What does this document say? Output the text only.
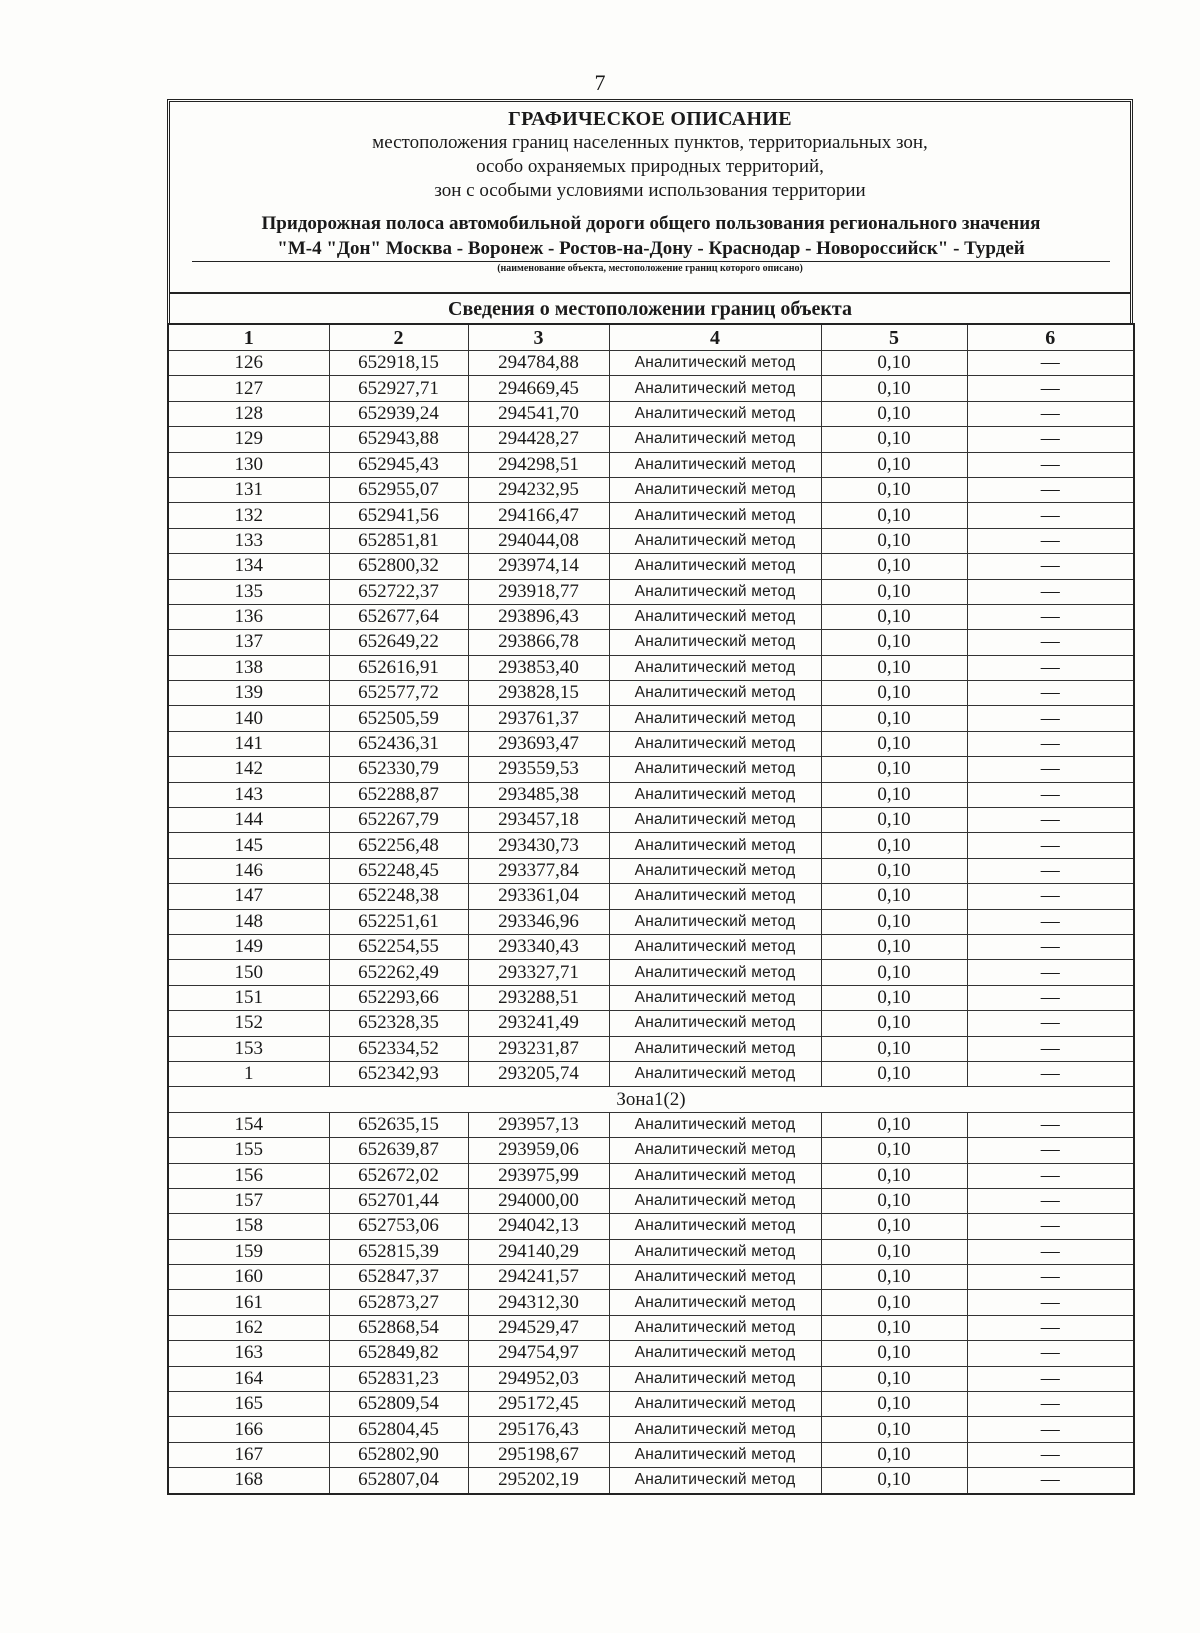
7
ГРАФИЧЕСКОЕ ОПИСАНИЕ
местоположения границ населенных пунктов, территориальных зон,
особо охраняемых природных территорий,
зон с особыми условиями использования территории
Придорожная полоса автомобильной дороги общего пользования регионального значения
"М-4 "Дон" Москва - Воронеж - Ростов-на-Дону - Краснодар - Новороссийск" - Турдей
(наименование объекта, местоположение границ которого описано)
Сведения о местоположении границ объекта
1	2	3	4	5	6
126	652918,15	294784,88	Аналитический метод	0,10	—
127	652927,71	294669,45	Аналитический метод	0,10	—
128	652939,24	294541,70	Аналитический метод	0,10	—
129	652943,88	294428,27	Аналитический метод	0,10	—
130	652945,43	294298,51	Аналитический метод	0,10	—
131	652955,07	294232,95	Аналитический метод	0,10	—
132	652941,56	294166,47	Аналитический метод	0,10	—
133	652851,81	294044,08	Аналитический метод	0,10	—
134	652800,32	293974,14	Аналитический метод	0,10	—
135	652722,37	293918,77	Аналитический метод	0,10	—
136	652677,64	293896,43	Аналитический метод	0,10	—
137	652649,22	293866,78	Аналитический метод	0,10	—
138	652616,91	293853,40	Аналитический метод	0,10	—
139	652577,72	293828,15	Аналитический метод	0,10	—
140	652505,59	293761,37	Аналитический метод	0,10	—
141	652436,31	293693,47	Аналитический метод	0,10	—
142	652330,79	293559,53	Аналитический метод	0,10	—
143	652288,87	293485,38	Аналитический метод	0,10	—
144	652267,79	293457,18	Аналитический метод	0,10	—
145	652256,48	293430,73	Аналитический метод	0,10	—
146	652248,45	293377,84	Аналитический метод	0,10	—
147	652248,38	293361,04	Аналитический метод	0,10	—
148	652251,61	293346,96	Аналитический метод	0,10	—
149	652254,55	293340,43	Аналитический метод	0,10	—
150	652262,49	293327,71	Аналитический метод	0,10	—
151	652293,66	293288,51	Аналитический метод	0,10	—
152	652328,35	293241,49	Аналитический метод	0,10	—
153	652334,52	293231,87	Аналитический метод	0,10	—
1	652342,93	293205,74	Аналитический метод	0,10	—
Зона1(2)					
154	652635,15	293957,13	Аналитический метод	0,10	—
155	652639,87	293959,06	Аналитический метод	0,10	—
156	652672,02	293975,99	Аналитический метод	0,10	—
157	652701,44	294000,00	Аналитический метод	0,10	—
158	652753,06	294042,13	Аналитический метод	0,10	—
159	652815,39	294140,29	Аналитический метод	0,10	—
160	652847,37	294241,57	Аналитический метод	0,10	—
161	652873,27	294312,30	Аналитический метод	0,10	—
162	652868,54	294529,47	Аналитический метод	0,10	—
163	652849,82	294754,97	Аналитический метод	0,10	—
164	652831,23	294952,03	Аналитический метод	0,10	—
165	652809,54	295172,45	Аналитический метод	0,10	—
166	652804,45	295176,43	Аналитический метод	0,10	—
167	652802,90	295198,67	Аналитический метод	0,10	—
168	652807,04	295202,19	Аналитический метод	0,10	—
